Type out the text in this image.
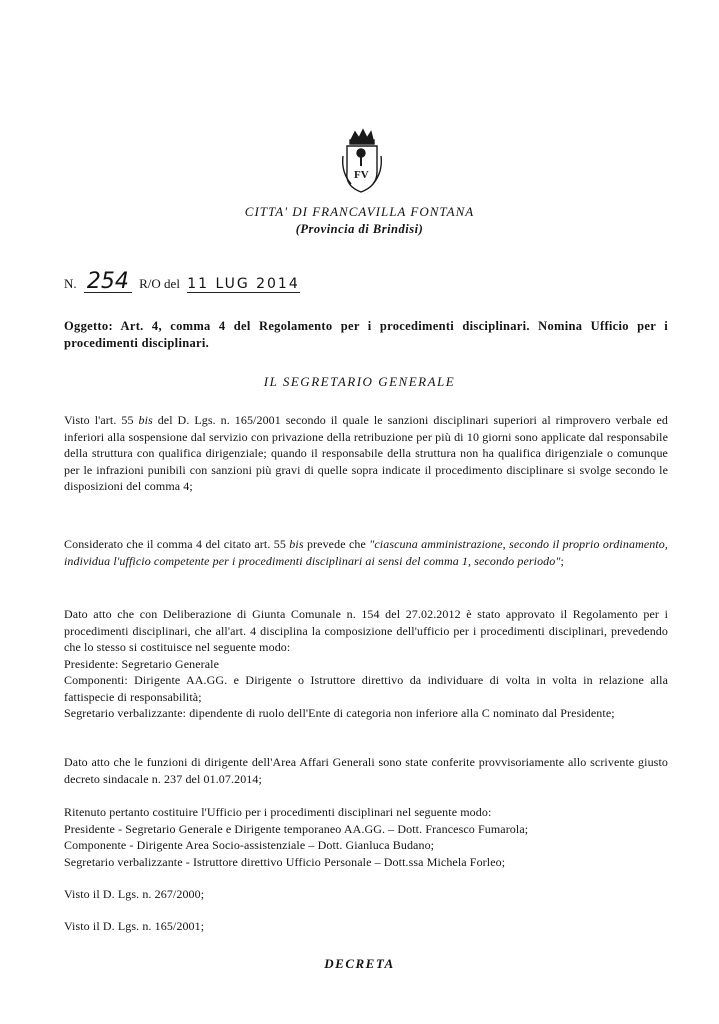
FV
CITTA' DI FRANCAVILLA FONTANA
(Provincia di Brindisi)
N. 254 R/O del 11 LUG 2014
Oggetto: Art. 4, comma 4 del Regolamento per i procedimenti disciplinari. Nomina Ufficio per i procedimenti disciplinari.
IL SEGRETARIO GENERALE
Visto l'art. 55 bis del D. Lgs. n. 165/2001 secondo il quale le sanzioni disciplinari superiori al rimprovero verbale ed inferiori alla sospensione dal servizio con privazione della retribuzione per più di 10 giorni sono applicate dal responsabile della struttura con qualifica dirigenziale; quando il responsabile della struttura non ha qualifica dirigenziale o comunque per le infrazioni punibili con sanzioni più gravi di quelle sopra indicate il procedimento disciplinare si svolge secondo le disposizioni del comma 4;
Considerato che il comma 4 del citato art. 55 bis prevede che "ciascuna amministrazione, secondo il proprio ordinamento, individua l'ufficio competente per i procedimenti disciplinari ai sensi del comma 1, secondo periodo";
Dato atto che con Deliberazione di Giunta Comunale n. 154 del 27.02.2012 è stato approvato il Regolamento per i procedimenti disciplinari, che all'art. 4 disciplina la composizione dell'ufficio per i procedimenti disciplinari, prevedendo che lo stesso si costituisce nel seguente modo:
Presidente: Segretario Generale
Componenti: Dirigente AA.GG. e Dirigente o Istruttore direttivo da individuare di volta in volta in relazione alla fattispecie di responsabilità;
Segretario verbalizzante: dipendente di ruolo dell'Ente di categoria non inferiore alla C nominato dal Presidente;
Dato atto che le funzioni di dirigente dell'Area Affari Generali sono state conferite provvisoriamente allo scrivente giusto decreto sindacale n. 237 del 01.07.2014;
Ritenuto pertanto costituire l'Ufficio per i procedimenti disciplinari nel seguente modo:
Presidente - Segretario Generale e Dirigente temporaneo AA.GG. – Dott. Francesco Fumarola;
Componente - Dirigente Area Socio-assistenziale – Dott. Gianluca Budano;
Segretario verbalizzante - Istruttore direttivo Ufficio Personale – Dott.ssa Michela Forleo;
Visto il D. Lgs. n. 267/2000;
Visto il D. Lgs. n. 165/2001;
DECRETA
